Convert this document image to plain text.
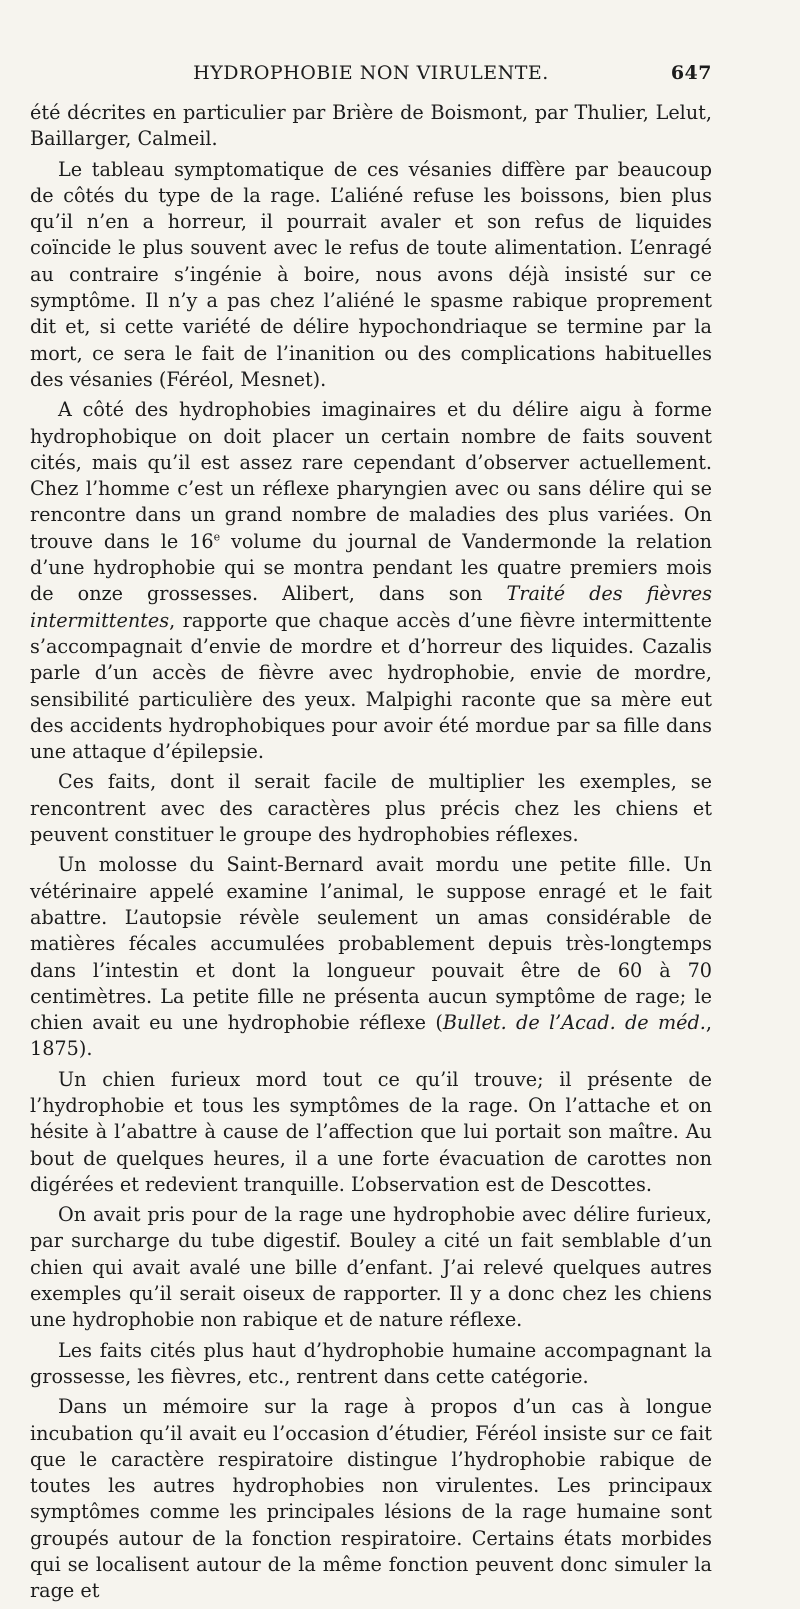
HYDROPHOBIE NON VIRULENTE.	647

été décrites en particulier par Brière de Boismont, par Thulier, Lelut, Baillarger, Calmeil.

Le tableau symptomatique de ces vésanies diffère par beaucoup de côtés du type de la rage. L’aliéné refuse les boissons, bien plus qu’il n’en a horreur, il pourrait avaler et son refus de liquides coïncide le plus souvent avec le refus de toute alimentation. L’enragé au contraire s’ingénie à boire, nous avons déjà insisté sur ce symptôme. Il n’y a pas chez l’aliéné le spasme rabique proprement dit et, si cette variété de délire hypochondriaque se termine par la mort, ce sera le fait de l’inanition ou des complications habituelles des vésanies (Féréol, Mesnet).

A côté des hydrophobies imaginaires et du délire aigu à forme hydrophobique on doit placer un certain nombre de faits souvent cités, mais qu’il est assez rare cependant d’observer actuellement. Chez l’homme c’est un réflexe pharyngien avec ou sans délire qui se rencontre dans un grand nombre de maladies des plus variées. On trouve dans le 16e volume du journal de Vandermonde la relation d’une hydrophobie qui se montra pendant les quatre premiers mois de onze grossesses. Alibert, dans son Traité des fièvres intermittentes, rapporte que chaque accès d’une fièvre intermittente s’accompagnait d’envie de mordre et d’horreur des liquides. Cazalis parle d’un accès de fièvre avec hydrophobie, envie de mordre, sensibilité particulière des yeux. Malpighi raconte que sa mère eut des accidents hydrophobiques pour avoir été mordue par sa fille dans une attaque d’épilepsie.

Ces faits, dont il serait facile de multiplier les exemples, se rencontrent avec des caractères plus précis chez les chiens et peuvent constituer le groupe des hydrophobies réflexes.

Un molosse du Saint-Bernard avait mordu une petite fille. Un vétérinaire appelé examine l’animal, le suppose enragé et le fait abattre. L’autopsie révèle seulement un amas considérable de matières fécales accumulées probablement depuis très-longtemps dans l’intestin et dont la longueur pouvait être de 60 à 70 centimètres. La petite fille ne présenta aucun symptôme de rage; le chien avait eu une hydrophobie réflexe (Bullet. de l’Acad. de méd., 1875).

Un chien furieux mord tout ce qu’il trouve; il présente de l’hydrophobie et tous les symptômes de la rage. On l’attache et on hésite à l’abattre à cause de l’affection que lui portait son maître. Au bout de quelques heures, il a une forte évacuation de carottes non digérées et redevient tranquille. L’observation est de Descottes.

On avait pris pour de la rage une hydrophobie avec délire furieux, par surcharge du tube digestif. Bouley a cité un fait semblable d’un chien qui avait avalé une bille d’enfant. J’ai relevé quelques autres exemples qu’il serait oiseux de rapporter. Il y a donc chez les chiens une hydrophobie non rabique et de nature réflexe.

Les faits cités plus haut d’hydrophobie humaine accompagnant la grossesse, les fièvres, etc., rentrent dans cette catégorie.

Dans un mémoire sur la rage à propos d’un cas à longue incubation qu’il avait eu l’occasion d’étudier, Féréol insiste sur ce fait que le caractère respiratoire distingue l’hydrophobie rabique de toutes les autres hydrophobies non virulentes. Les principaux symptômes comme les principales lésions de la rage humaine sont groupés autour de la fonction respiratoire. Certains états morbides qui se localisent autour de la même fonction peuvent donc simuler la rage et
